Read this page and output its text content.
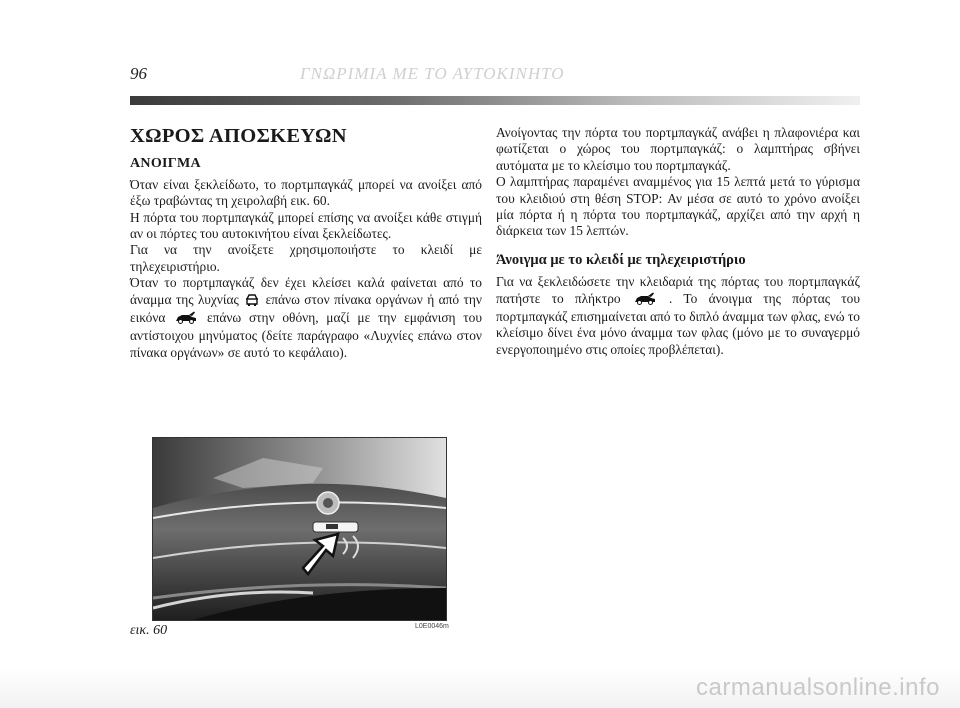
96	ΓΝΩΡΙΜΙΑ ΜΕ ΤΟ ΑΥΤΟΚΙΝΗΤΟ
ΧΩΡΟΣ ΑΠΟΣΚΕΥΩΝ
ΑΝΟΙΓΜΑ

Όταν είναι ξεκλείδωτο, το πορτμπαγκάζ μπορεί να ανοίξει από έξω τραβώντας τη χειρολαβή εικ. 60.

Η πόρτα του πορτμπαγκάζ μπορεί επίσης να ανοίξει κάθε στιγμή αν οι πόρτες του αυτοκινήτου είναι ξεκλείδωτες.

Για να την ανοίξετε χρησιμοποιήστε το κλειδί με τηλεχειριστήριο.

Όταν το πορτμπαγκάζ δεν έχει κλείσει καλά φαίνεται από το άναμμα της λυχνίας επάνω στον πίνακα οργάνων ή από την εικόνα	επάνω στην οθόνη, μαζί με την εμφάνιση του αντίστοιχου μηνύματος (δείτε παράγραφο «Λυχνίες επάνω στον πίνακα οργάνων» σε αυτό το κεφάλαιο).

Ανοίγοντας την πόρτα του πορτμπαγκάζ ανάβει η πλαφονιέρα και φωτίζεται ο χώρος του πορτμπαγκάζ: ο λαμπτήρας σβήνει αυτόματα με το κλείσιμο του πορτμπαγκάζ.

Ο λαμπτήρας παραμένει αναμμένος για 15 λεπτά μετά το γύρισμα του κλειδιού στη θέση STOP: Αν μέσα σε αυτό το χρόνο ανοίξει μία πόρτα ή η πόρτα του πορτμπαγκάζ, αρχίζει από την αρχή η διάρκεια των 15 λεπτών.

Άνοιγμα με το κλειδί με τηλεχειριστήριο

Για να ξεκλειδώσετε την κλειδαριά της πόρτας του πορτμπαγκάζ πατήστε το πλήκτρο	. Το άνοιγμα της πόρτας του πορτμπαγκάζ επισημαίνεται από το διπλό άναμμα των φλας, ενώ το κλείσιμο δίνει ένα μόνο άναμμα των φλας (μόνο με το συναγερμό ενεργοποιημένο στις οποίες προβλέπεται).

εικ. 60	L0E0046m
carmanualsonline.info
